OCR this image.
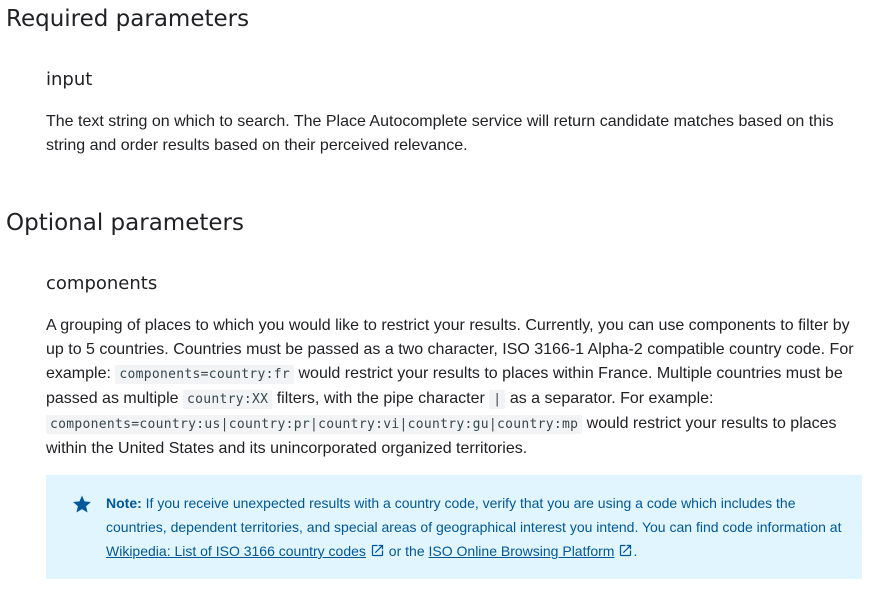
Required parameters
input

The text string on which to search. The Place Autocomplete service will return candidate matches based on this string and order results based on their perceived relevance.

Optional parameters
components

A grouping of places to which you would like to restrict your results. Currently, you can use components to filter by up to 5 countries. Countries must be passed as a two character, ISO 3166-1 Alpha-2 compatible country code. For example: components=country:fr would restrict your results to places within France. Multiple countries must be passed as multiple country:XX filters, with the pipe character | as a separator. For example: components=country:us|country:pr|country:vi|country:gu|country:mp would restrict your results to places within the United States and its unincorporated organized territories.

Note: If you receive unexpected results with a country code, verify that you are using a code which includes the countries, dependent territories, and special areas of geographical interest you intend. You can find code information at Wikipedia: List of ISO 3166 country codes or the ISO Online Browsing Platform .
